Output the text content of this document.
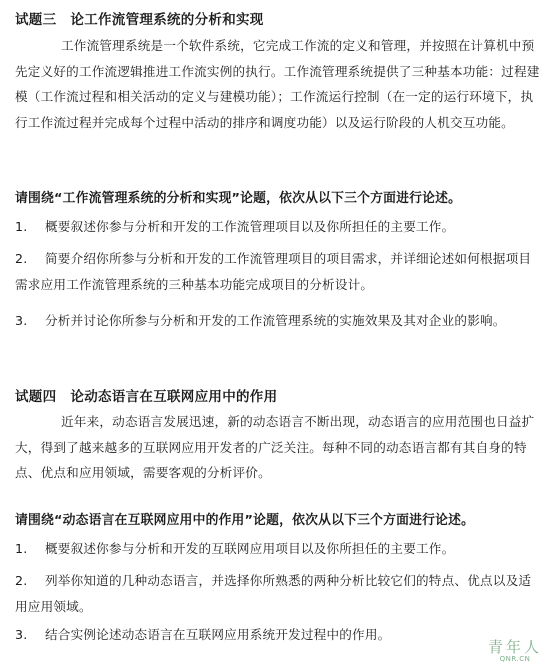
试题三 论工作流管理系统的分析和实现

工作流管理系统是一个软件系统，它完成工作流的定义和管理，并按照在计算机中预先定义好的工作流逻辑推进工作流实例的执行。工作流管理系统提供了三种基本功能：过程建模（工作流过程和相关活动的定义与建模功能）；工作流运行控制（在一定的运行环境下，执行工作流过程并完成每个过程中活动的排序和调度功能）以及运行阶段的人机交互功能。

请围绕“工作流管理系统的分析和实现”论题，依次从以下三个方面进行论述。
1. 概要叙述你参与分析和开发的工作流管理项目以及你所担任的主要工作。
2. 简要介绍你所参与分析和开发的工作流管理项目的项目需求，并详细论述如何根据项目需求应用工作流管理系统的三种基本功能完成项目的分析设计。
3. 分析并讨论你所参与分析和开发的工作流管理系统的实施效果及其对企业的影响。
试题四 论动态语言在互联网应用中的作用

近年来，动态语言发展迅速，新的动态语言不断出现，动态语言的应用范围也日益扩大，得到了越来越多的互联网应用开发者的广泛关注。每种不同的动态语言都有其自身的特点、优点和应用领域，需要客观的分析评价。

请围绕“动态语言在互联网应用中的作用”论题，依次从以下三个方面进行论述。
1. 概要叙述你参与分析和开发的互联网应用项目以及你所担任的主要工作。
2. 列举你知道的几种动态语言，并选择你所熟悉的两种分析比较它们的特点、优点以及适用应用领域。
3. 结合实例论述动态语言在互联网应用系统开发过程中的作用。
青年人
QNR.CN
